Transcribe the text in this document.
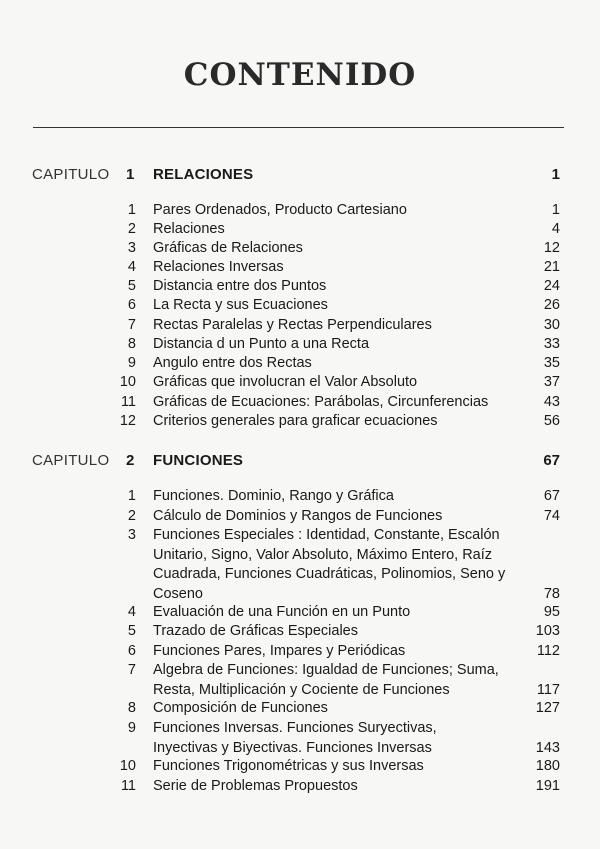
CONTENIDO
CAPITULO 1 RELACIONES	1
1 Pares Ordenados, Producto Cartesiano	1
2 Relaciones	4
3 Gráficas de Relaciones	12
4 Relaciones Inversas	21
5 Distancia entre dos Puntos	24
6 La Recta y sus Ecuaciones	26
7 Rectas Paralelas y Rectas Perpendiculares	30
8 Distancia d un Punto a una Recta	33
9 Angulo entre dos Rectas	35
10 Gráficas que involucran el Valor Absoluto	37
11 Gráficas de Ecuaciones: Parábolas, Circunferencias	43
12 Criterios generales para graficar ecuaciones	56
CAPITULO 2 FUNCIONES	67
1 Funciones. Dominio, Rango y Gráfica	67
2 Cálculo de Dominios y Rangos de Funciones	74
3 Funciones Especiales : Identidad, Constante, Escalón
Unitario, Signo, Valor Absoluto, Máximo Entero, Raíz
Cuadrada, Funciones Cuadráticas, Polinomios, Seno y
Coseno	78
4 Evaluación de una Función en un Punto	95
5 Trazado de Gráficas Especiales	103
6 Funciones Pares, Impares y Periódicas	112
7 Algebra de Funciones: Igualdad de Funciones; Suma,
Resta, Multiplicación y Cociente de Funciones	117
8 Composición de Funciones	127
9 Funciones Inversas. Funciones Suryectivas,
Inyectivas y Biyectivas. Funciones Inversas	143
10 Funciones Trigonométricas y sus Inversas	180
11 Serie de Problemas Propuestos	191
